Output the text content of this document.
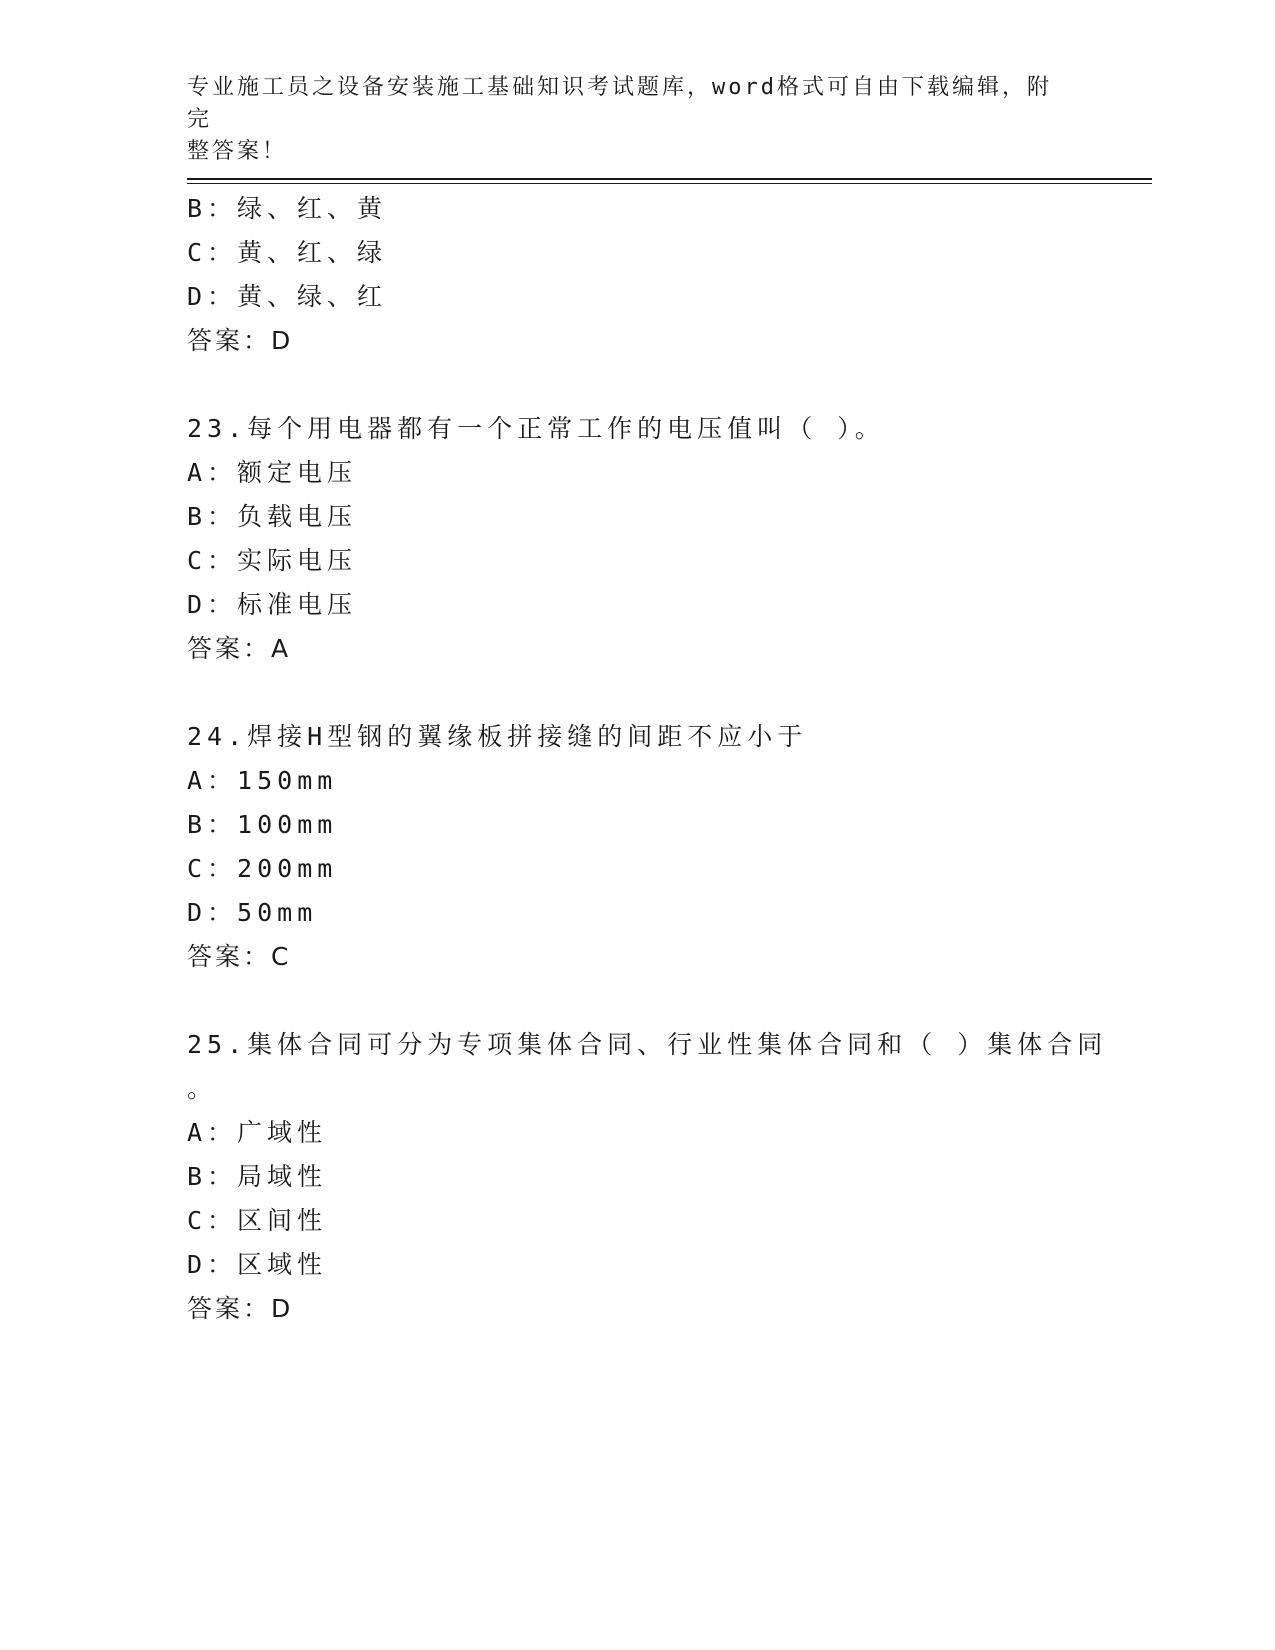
专业施工员之设备安装施工基础知识考试题库，word格式可自由下载编辑，附完
整答案！
B：绿、红、黄
C：黄、红、绿
D：黄、绿、红
答案：D
23.每个用电器都有一个正常工作的电压值叫（ ）。
A：额定电压
B：负载电压
C：实际电压
D：标准电压
答案：A
24.焊接H型钢的翼缘板拼接缝的间距不应小于
A：150mm
B：100mm
C：200mm
D：50mm
答案：C
25.集体合同可分为专项集体合同、行业性集体合同和（ ）集体合同
。
A：广域性
B：局域性
C：区间性
D：区域性
答案：D
